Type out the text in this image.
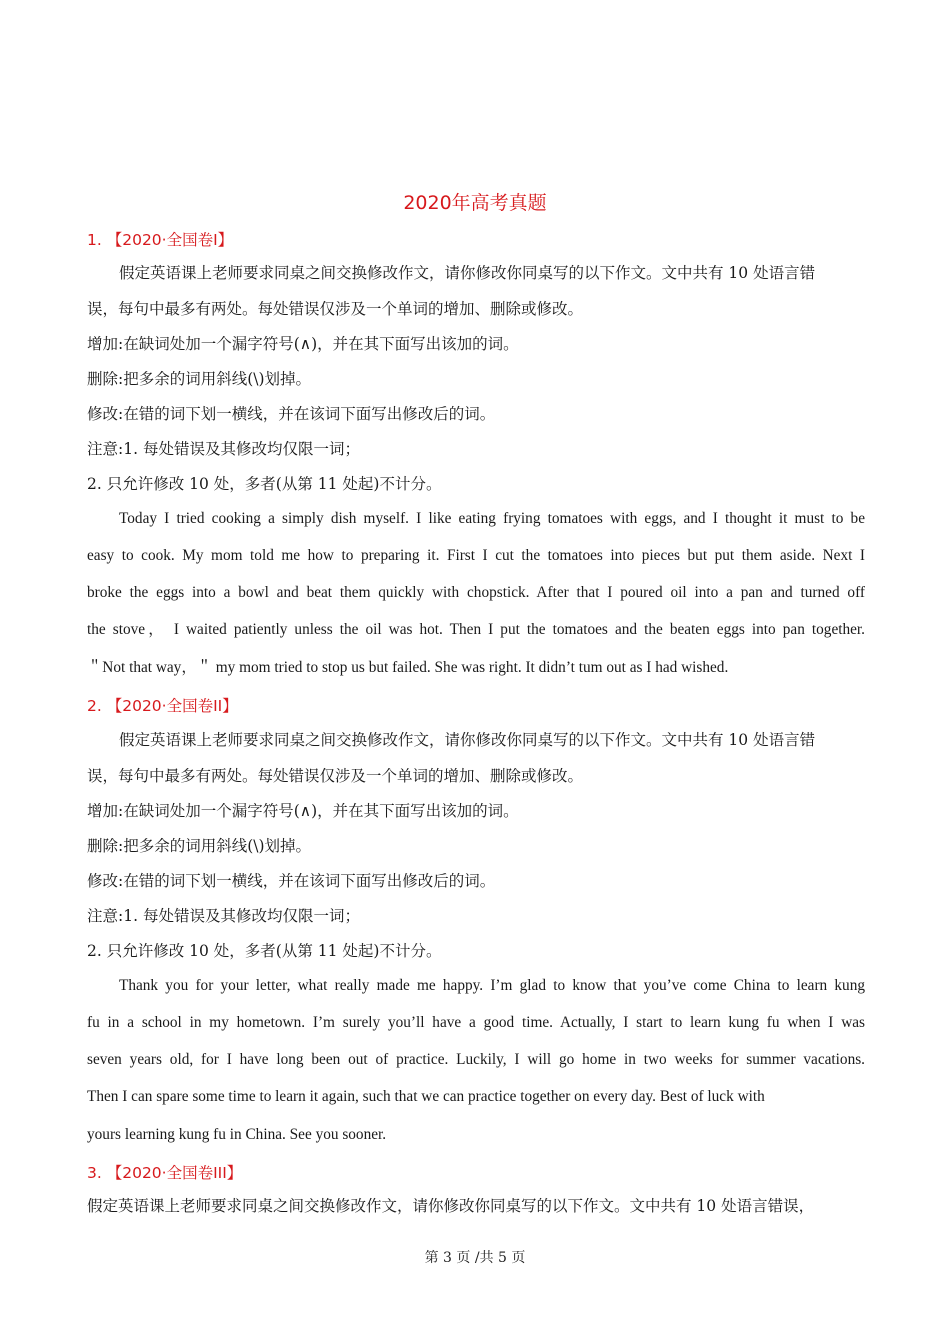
2020年高考真题
1. 【2020·全国卷I】
假定英语课上老师要求同桌之间交换修改作文，请你修改你同桌写的以下作文。文中共有 10 处语言错
误，每句中最多有两处。每处错误仅涉及一个单词的增加、删除或修改。
增加:在缺词处加一个漏字符号(∧)，并在其下面写出该加的词。
删除:把多余的词用斜线(\)划掉。
修改:在错的词下划一横线，并在该词下面写出修改后的词。
注意:1. 每处错误及其修改均仅限一词；
2. 只允许修改 10 处，多者(从第 11 处起)不计分。
Today I tried cooking a simply dish myself. I like eating frying tomatoes with eggs, and I thought it must to be
easy to cook. My mom told me how to preparing it. First I cut the tomatoes into pieces but put them aside. Next I
broke the eggs into a bowl and beat them quickly with chopstick. After that I poured oil into a pan and turned off
the stove， I waited patiently unless the oil was hot. Then I put the tomatoes and the beaten eggs into pan together.
＂Not that way，＂ my mom tried to stop us but failed. She was right. It didn’t tum out as I had wished.
2. 【2020·全国卷II】
假定英语课上老师要求同桌之间交换修改作文，请你修改你同桌写的以下作文。文中共有 10 处语言错
误，每句中最多有两处。每处错误仅涉及一个单词的增加、删除或修改。
增加:在缺词处加一个漏字符号(∧)，并在其下面写出该加的词。
删除:把多余的词用斜线(\)划掉。
修改:在错的词下划一横线，并在该词下面写出修改后的词。
注意:1. 每处错误及其修改均仅限一词；
2. 只允许修改 10 处，多者(从第 11 处起)不计分。
Thank you for your letter, what really made me happy. I’m glad to know that you’ve come China to learn kung
fu in a school in my hometown. I’m surely you’ll have a good time. Actually, I start to learn kung fu when I was
seven years old, for I have long been out of practice. Luckily, I will go home in two weeks for summer vacations.
Then I can spare some time to learn it again, such that we can practice together on every day. Best of luck with
yours learning kung fu in China. See you sooner.
3. 【2020·全国卷III】
假定英语课上老师要求同桌之间交换修改作文，请你修改你同桌写的以下作文。文中共有 10 处语言错误，
第 3 页 /共 5 页
